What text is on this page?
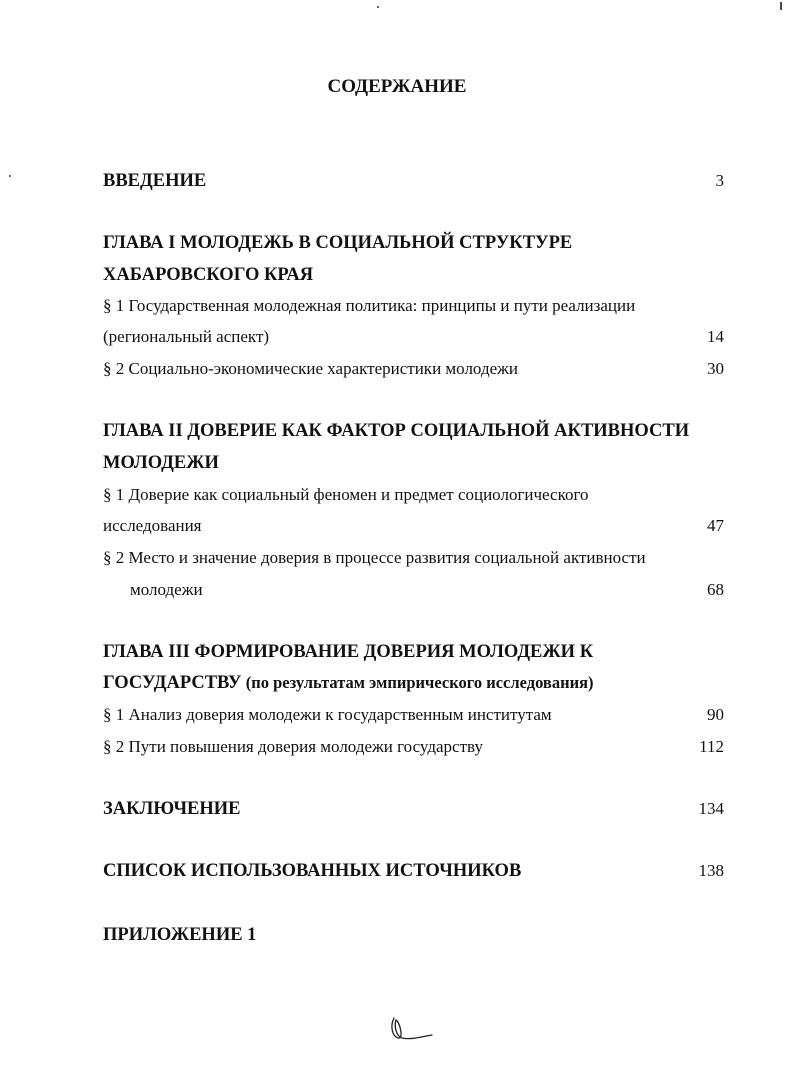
СОДЕРЖАНИЕ
ВВЕДЕНИЕ	3
ГЛАВА I МОЛОДЕЖЬ В СОЦИАЛЬНОЙ СТРУКТУРЕ
ХАБАРОВСКОГО КРАЯ
§ 1 Государственная молодежная политика: принципы и пути реализации
(региональный аспект)	14
§ 2 Социально-экономические характеристики молодежи	30
ГЛАВА II ДОВЕРИЕ КАК ФАКТОР СОЦИАЛЬНОЙ АКТИВНОСТИ
МОЛОДЕЖИ
§ 1 Доверие как социальный феномен и предмет социологического
исследования	47
§ 2 Место и значение доверия в процессе развития социальной активности
молодежи	68
ГЛАВА III ФОРМИРОВАНИЕ ДОВЕРИЯ МОЛОДЕЖИ К
ГОСУДАРСТВУ (по результатам эмпирического исследования)
§ 1 Анализ доверия молодежи к государственным институтам	90
§ 2 Пути повышения доверия молодежи государству	112
ЗАКЛЮЧЕНИЕ	134
СПИСОК ИСПОЛЬЗОВАННЫХ ИСТОЧНИКОВ	138
ПРИЛОЖЕНИЕ 1
